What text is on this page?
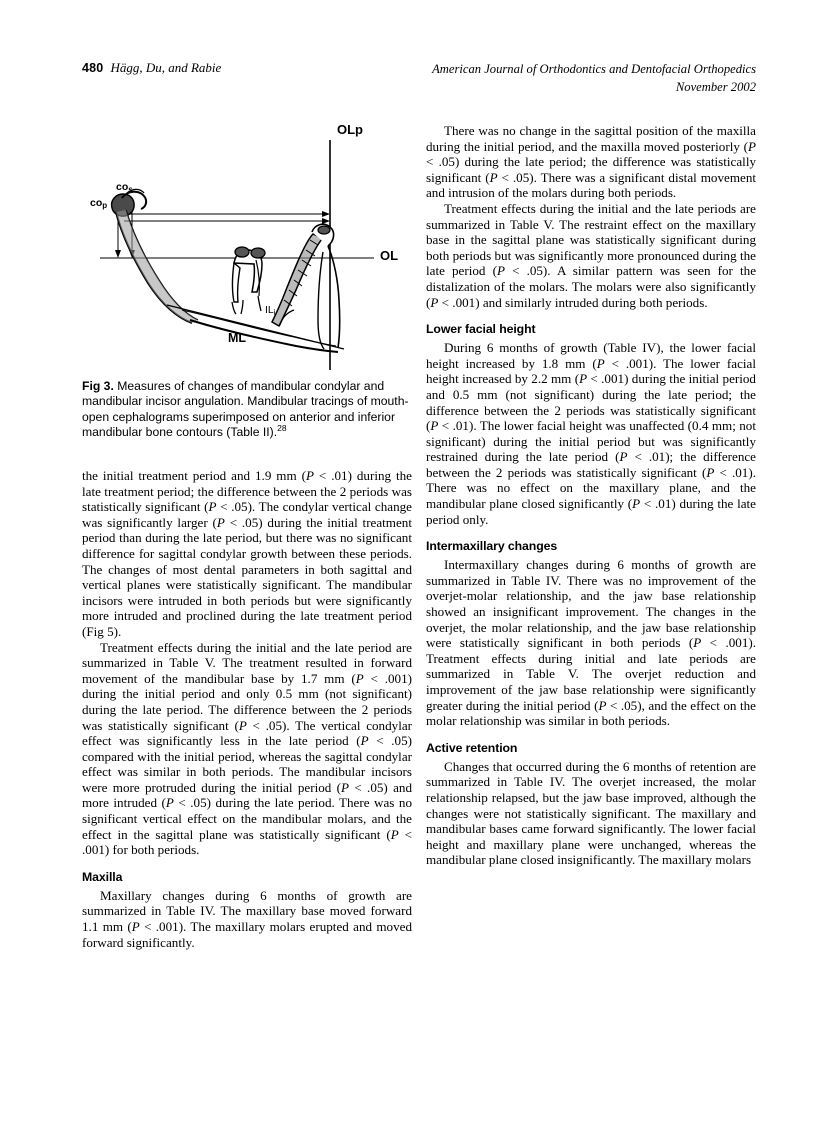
480 Hägg, Du, and Rabie	American Journal of Orthodontics and Dentofacial Orthopedics
November 2002
OLp
OL
ML
cos
cop
ILi
Fig 3. Measures of changes of mandibular condylar and mandibular incisor angulation. Mandibular tracings of mouth-open cephalograms superimposed on anterior and inferior mandibular bone contours (Table II).$^{28}$

the initial treatment period and 1.9 mm (P < .01) during the late treatment period; the difference between the 2 periods was statistically significant (P < .05). The condylar vertical change was significantly larger (P < .05) during the initial treatment period than during the late period, but there was no significant difference for sagittal condylar growth between these periods. The changes of most dental parameters in both sagittal and vertical planes were statistically significant. The mandibular incisors were intruded in both periods but were significantly more intruded and proclined during the late treatment period (Fig 5).

Treatment effects during the initial and the late period are summarized in Table V. The treatment resulted in forward movement of the mandibular base by 1.7 mm (P < .001) during the initial period and only 0.5 mm (not significant) during the late period. The difference between the 2 periods was statistically significant (P < .05). The vertical condylar effect was significantly less in the late period (P < .05) compared with the initial period, whereas the sagittal condylar effect was similar in both periods. The mandibular incisors were more protruded during the initial period (P < .05) and more intruded (P < .05) during the late period. There was no significant vertical effect on the mandibular molars, and the effect in the sagittal plane was statistically significant (P < .001) for both periods.

Maxilla

Maxillary changes during 6 months of growth are summarized in Table IV. The maxillary base moved forward 1.1 mm (P < .001). The maxillary molars erupted and moved forward significantly.

There was no change in the sagittal position of the maxilla during the initial period, and the maxilla moved posteriorly (P < .05) during the late period; the difference was statistically significant (P < .05). There was a significant distal movement and intrusion of the molars during both periods.

Treatment effects during the initial and the late periods are summarized in Table V. The restraint effect on the maxillary base in the sagittal plane was statistically significant during both periods but was significantly more pronounced during the late period (P < .05). A similar pattern was seen for the distalization of the molars. The molars were also significantly (P < .001) and similarly intruded during both periods.

Lower facial height

During 6 months of growth (Table IV), the lower facial height increased by 1.8 mm (P < .001). The lower facial height increased by 2.2 mm (P < .001) during the initial period and 0.5 mm (not significant) during the late period; the difference between the 2 periods was statistically significant (P < .01). The lower facial height was unaffected (0.4 mm; not significant) during the initial period but was significantly restrained during the late period (P < .01); the difference between the 2 periods was statistically significant (P < .01). There was no effect on the maxillary plane, and the mandibular plane closed significantly (P < .01) during the late period only.

Intermaxillary changes

Intermaxillary changes during 6 months of growth are summarized in Table IV. There was no improvement of the overjet-molar relationship, and the jaw base relationship showed an insignificant improvement. The changes in the overjet, the molar relationship, and the jaw base relationship were statistically significant in both periods (P < .001). Treatment effects during initial and late periods are summarized in Table V. The overjet reduction and improvement of the jaw base relationship were significantly greater during the initial period (P < .05), and the effect on the molar relationship was similar in both periods.

Active retention

Changes that occurred during the 6 months of retention are summarized in Table IV. The overjet increased, the molar relationship relapsed, but the jaw base improved, although the changes were not statistically significant. The maxillary and mandibular bases came forward significantly. The lower facial height and maxillary plane were unchanged, whereas the mandibular plane closed insignificantly. The maxillary molars
